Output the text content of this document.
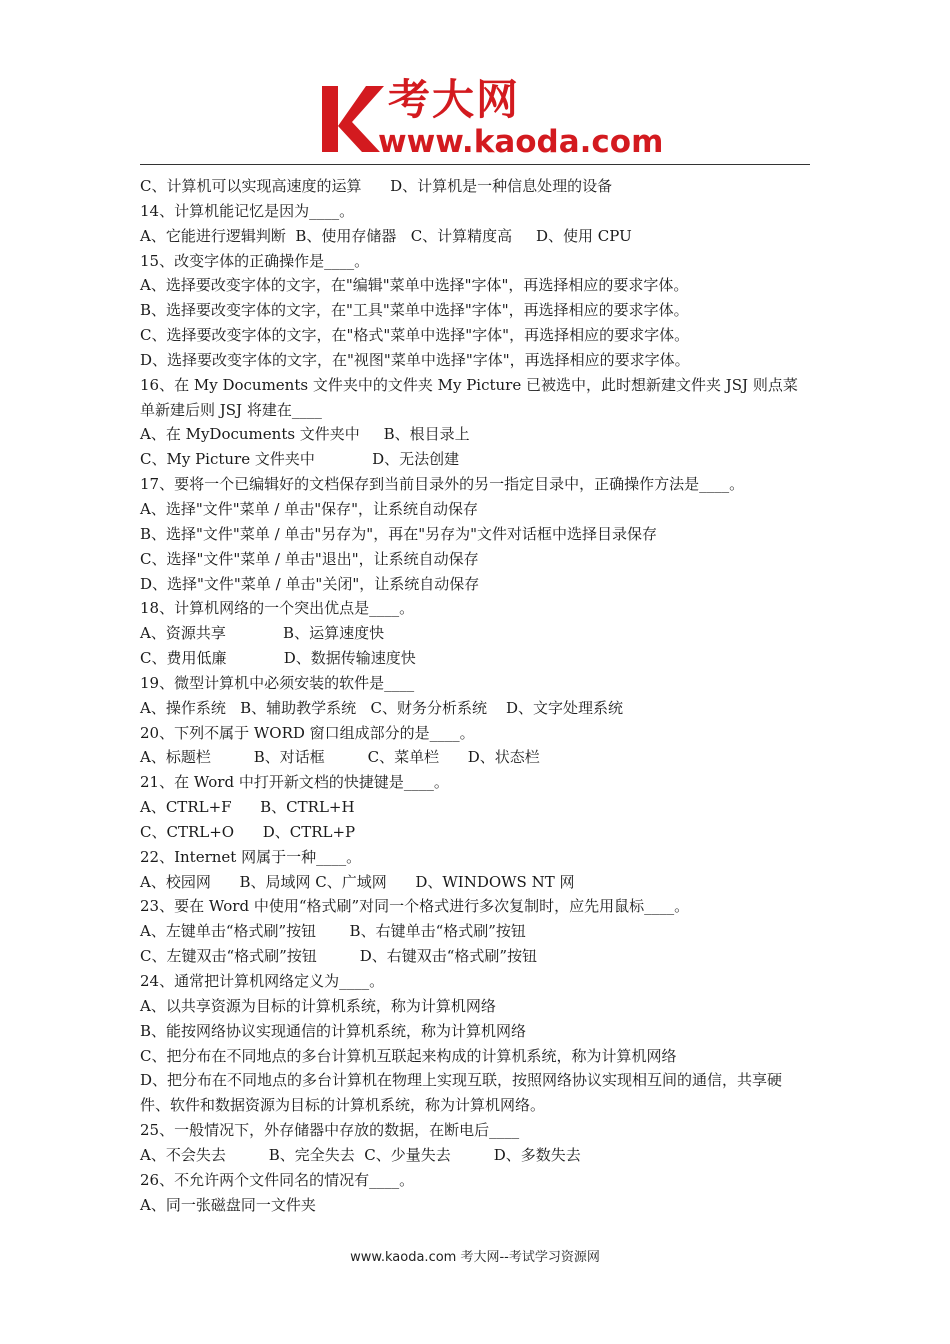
考大网
www.kaoda.com
C、计算机可以实现高速度的运算      D、计算机是一种信息处理的设备
14、计算机能记忆是因为____。
A、它能进行逻辑判断  B、使用存储器   C、计算精度高     D、使用 CPU
15、改变字体的正确操作是____。
A、选择要改变字体的文字，在"编辑"菜单中选择"字体"，再选择相应的要求字体。
B、选择要改变字体的文字，在"工具"菜单中选择"字体"，再选择相应的要求字体。
C、选择要改变字体的文字，在"格式"菜单中选择"字体"，再选择相应的要求字体。
D、选择要改变字体的文字，在"视图"菜单中选择"字体"，再选择相应的要求字体。
16、在 My Documents 文件夹中的文件夹 My Picture 已被选中，此时想新建文件夹 JSJ 则点菜单新建后则 JSJ 将建在____
A、在 MyDocuments 文件夹中     B、根目录上
C、My Picture 文件夹中            D、无法创建
17、要将一个已编辑好的文档保存到当前目录外的另一指定目录中，正确操作方法是____。
A、选择"文件"菜单 / 单击"保存"，让系统自动保存
B、选择"文件"菜单 / 单击"另存为"，再在"另存为"文件对话框中选择目录保存
C、选择"文件"菜单 / 单击"退出"，让系统自动保存
D、选择"文件"菜单 / 单击"关闭"，让系统自动保存
18、计算机网络的一个突出优点是____。
A、资源共享            B、运算速度快
C、费用低廉            D、数据传输速度快
19、微型计算机中必须安装的软件是____
A、操作系统   B、辅助教学系统   C、财务分析系统    D、文字处理系统
20、下列不属于 WORD 窗口组成部分的是____。
A、标题栏         B、对话框         C、菜单栏      D、状态栏
21、在 Word 中打开新文档的快捷键是____。
A、CTRL+F      B、CTRL+H
C、CTRL+O      D、CTRL+P
22、Internet 网属于一种____。
A、校园网      B、局域网 C、广域网      D、WINDOWS NT 网
23、要在 Word 中使用“格式刷”对同一个格式进行多次复制时，应先用鼠标____。
A、左键单击“格式刷”按钮       B、右键单击“格式刷”按钮
C、左键双击“格式刷”按钮         D、右键双击“格式刷”按钮
24、通常把计算机网络定义为____。
A、以共享资源为目标的计算机系统，称为计算机网络
B、能按网络协议实现通信的计算机系统，称为计算机网络
C、把分布在不同地点的多台计算机互联起来构成的计算机系统，称为计算机网络
D、把分布在不同地点的多台计算机在物理上实现互联，按照网络协议实现相互间的通信，共享硬件、软件和数据资源为目标的计算机系统，称为计算机网络。
25、一般情况下，外存储器中存放的数据，在断电后____
A、不会失去         B、完全失去  C、少量失去         D、多数失去
26、不允许两个文件同名的情况有____。
A、同一张磁盘同一文件夹
www.kaoda.com 考大网--考试学习资源网
